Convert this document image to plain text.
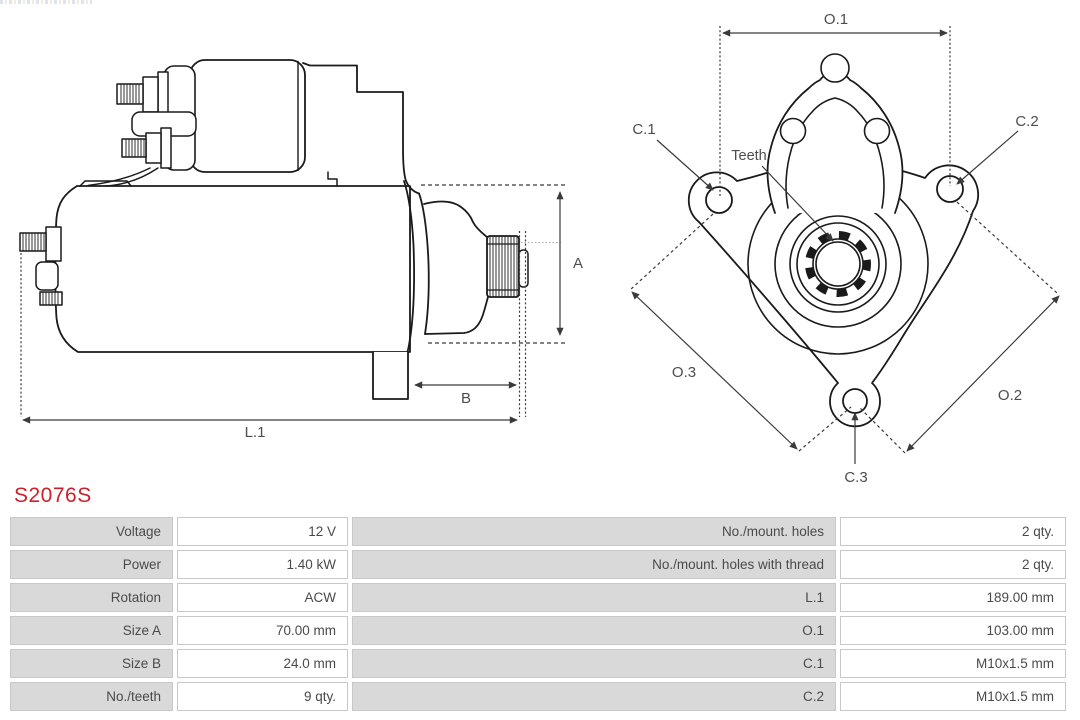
A
B
L.1
O.1
C.1	C.2
Teeth
O.3
O.2
C.3
S2076S
Voltage	12 V	No./mount. holes	2 qty.
Power	1.40 kW	No./mount. holes with thread	2 qty.
Rotation	ACW	L.1	189.00 mm
Size A	70.00 mm	O.1	103.00 mm
Size B	24.0 mm	C.1	M10x1.5 mm
No./teeth	9 qty.	C.2	M10x1.5 mm
